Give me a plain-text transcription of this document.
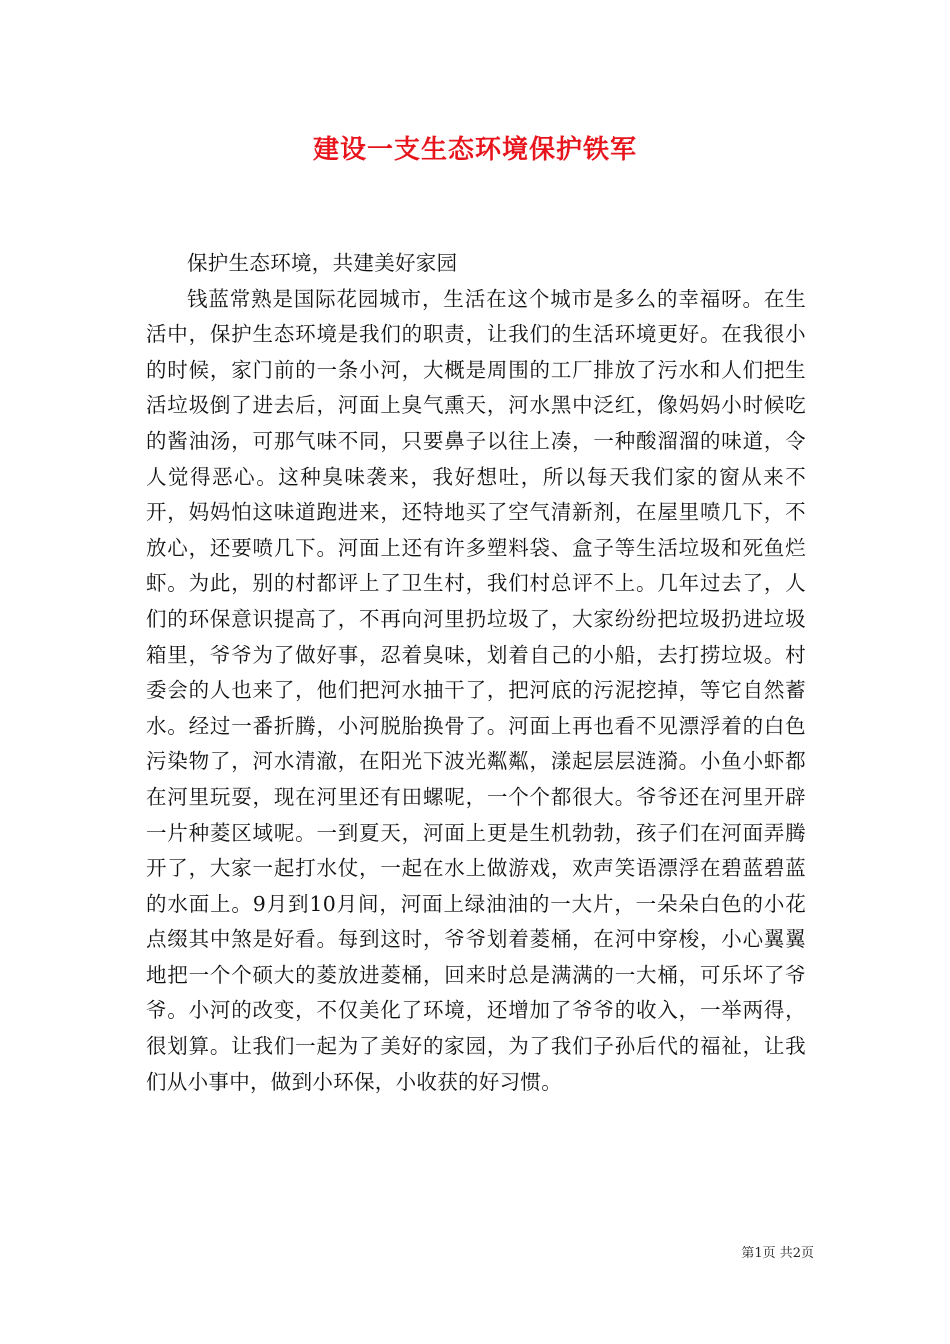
建设一支生态环境保护铁军

保护生态环境，共建美好家园

钱蓝常熟是国际花园城市，生活在这个城市是多么的幸福呀。在生活中，保护生态环境是我们的职责，让我们的生活环境更好。在我很小的时候，家门前的一条小河，大概是周围的工厂排放了污水和人们把生活垃圾倒了进去后，河面上臭气熏天，河水黑中泛红，像妈妈小时候吃的酱油汤，可那气味不同，只要鼻子以往上凑，一种酸溜溜的味道，令人觉得恶心。这种臭味袭来，我好想吐，所以每天我们家的窗从来不开，妈妈怕这味道跑进来，还特地买了空气清新剂，在屋里喷几下，不放心，还要喷几下。河面上还有许多塑料袋、盒子等生活垃圾和死鱼烂虾。为此，别的村都评上了卫生村，我们村总评不上。几年过去了，人们的环保意识提高了，不再向河里扔垃圾了，大家纷纷把垃圾扔进垃圾箱里，爷爷为了做好事，忍着臭味，划着自己的小船，去打捞垃圾。村委会的人也来了，他们把河水抽干了，把河底的污泥挖掉，等它自然蓄水。经过一番折腾，小河脱胎换骨了。河面上再也看不见漂浮着的白色污染物了，河水清澈，在阳光下波光粼粼，漾起层层涟漪。小鱼小虾都在河里玩耍，现在河里还有田螺呢，一个个都很大。爷爷还在河里开辟一片种菱区域呢。一到夏天，河面上更是生机勃勃，孩子们在河面弄腾开了，大家一起打水仗，一起在水上做游戏，欢声笑语漂浮在碧蓝碧蓝的水面上。9月到10月间，河面上绿油油的一大片，一朵朵白色的小花点缀其中煞是好看。每到这时，爷爷划着菱桶，在河中穿梭，小心翼翼地把一个个硕大的菱放进菱桶，回来时总是满满的一大桶，可乐坏了爷爷。小河的改变，不仅美化了环境，还增加了爷爷的收入，一举两得，很划算。让我们一起为了美好的家园，为了我们子孙后代的福祉，让我们从小事中，做到小环保，小收获的好习惯。

第1页 共2页
